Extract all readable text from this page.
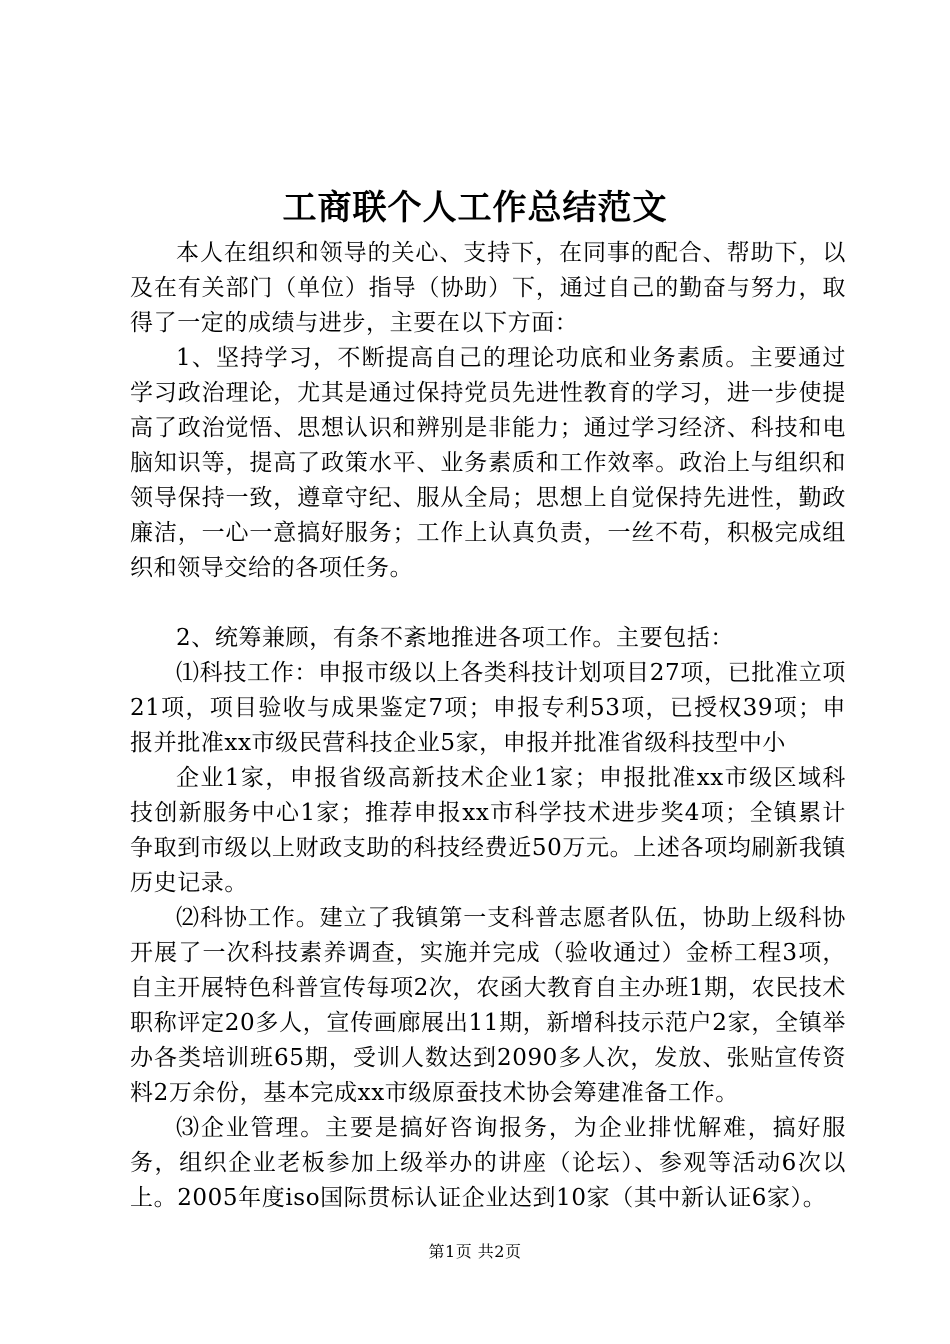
工商联个人工作总结范文

本人在组织和领导的关心、支持下，在同事的配合、帮助下，以及在有关部门（单位）指导（协助）下，通过自己的勤奋与努力，取得了一定的成绩与进步，主要在以下方面：

1、坚持学习，不断提高自己的理论功底和业务素质。主要通过学习政治理论，尤其是通过保持党员先进性教育的学习，进一步使提高了政治觉悟、思想认识和辨别是非能力；通过学习经济、科技和电脑知识等，提高了政策水平、业务素质和工作效率。政治上与组织和领导保持一致，遵章守纪、服从全局；思想上自觉保持先进性，勤政廉洁，一心一意搞好服务；工作上认真负责，一丝不苟，积极完成组织和领导交给的各项任务。

2、统筹兼顾，有条不紊地推进各项工作。主要包括：

⑴科技工作：申报市级以上各类科技计划项目27项，已批准立项21项，项目验收与成果鉴定7项；申报专利53项，已授权39项；申报并批准xx市级民营科技企业5家，申报并批准省级科技型中小

企业1家，申报省级高新技术企业1家；申报批准xx市级区域科技创新服务中心1家；推荐申报xx市科学技术进步奖4项；全镇累计争取到市级以上财政支助的科技经费近50万元。上述各项均刷新我镇历史记录。

⑵科协工作。建立了我镇第一支科普志愿者队伍，协助上级科协开展了一次科技素养调查，实施并完成（验收通过）金桥工程3项，自主开展特色科普宣传每项2次，农函大教育自主办班1期，农民技术职称评定20多人，宣传画廊展出11期，新增科技示范户2家，全镇举办各类培训班65期，受训人数达到2090多人次，发放、张贴宣传资料2万余份，基本完成xx市级原蚕技术协会筹建准备工作。

⑶企业管理。主要是搞好咨询报务，为企业排忧解难，搞好服务，组织企业老板参加上级举办的讲座（论坛）、参观等活动6次以上。2005年度iso国际贯标认证企业达到10家（其中新认证6家）。

第1页 共2页
